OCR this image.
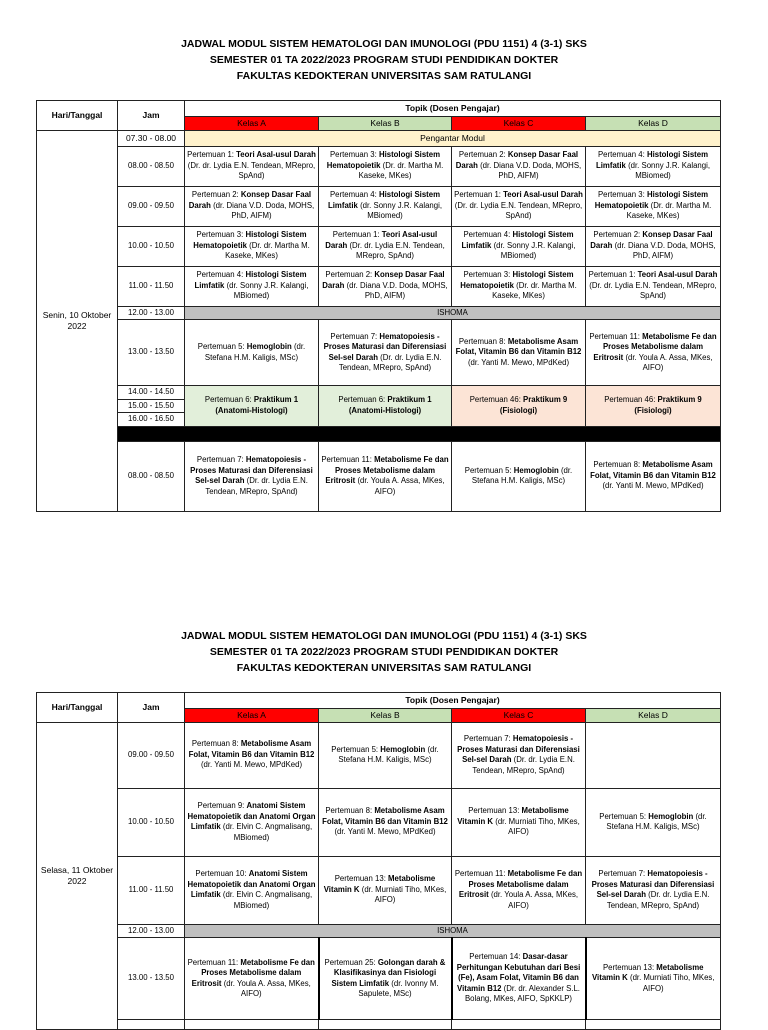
JADWAL MODUL SISTEM HEMATOLOGI DAN IMUNOLOGI (PDU 1151) 4 (3-1) SKS
SEMESTER 01 TA 2022/2023 PROGRAM STUDI PENDIDIKAN DOKTER
FAKULTAS KEDOKTERAN UNIVERSITAS SAM RATULANGI
Hari/Tanggal	Jam	Topik (Dosen Pengajar)			
		Kelas A	Kelas B	Kelas C	Kelas D
Senin, 10 Oktober 2022	07.30 - 08.00	Pengantar Modul			
	08.00 - 08.50	Pertemuan 1: Teori Asal-usul Darah (Dr. dr. Lydia E.N. Tendean, MRepro, SpAnd)	Pertemuan 3: Histologi Sistem Hematopoietik (Dr. dr. Martha M. Kaseke, MKes)	Pertemuan 2: Konsep Dasar Faal Darah (dr. Diana V.D. Doda, MOHS, PhD, AIFM)	Pertemuan 4: Histologi Sistem Limfatik (dr. Sonny J.R. Kalangi, MBiomed)
	09.00 - 09.50	Pertemuan 2: Konsep Dasar Faal Darah (dr. Diana V.D. Doda, MOHS, PhD, AIFM)	Pertemuan 4: Histologi Sistem Limfatik (dr. Sonny J.R. Kalangi, MBiomed)	Pertemuan 1: Teori Asal-usul Darah (Dr. dr. Lydia E.N. Tendean, MRepro, SpAnd)	Pertemuan 3: Histologi Sistem Hematopoietik (Dr. dr. Martha M. Kaseke, MKes)
	10.00 - 10.50	Pertemuan 3: Histologi Sistem Hematopoietik (Dr. dr. Martha M. Kaseke, MKes)	Pertemuan 1: Teori Asal-usul Darah (Dr. dr. Lydia E.N. Tendean, MRepro, SpAnd)	Pertemuan 4: Histologi Sistem Limfatik (dr. Sonny J.R. Kalangi, MBiomed)	Pertemuan 2: Konsep Dasar Faal Darah (dr. Diana V.D. Doda, MOHS, PhD, AIFM)
	11.00 - 11.50	Pertemuan 4: Histologi Sistem Limfatik (dr. Sonny J.R. Kalangi, MBiomed)	Pertemuan 2: Konsep Dasar Faal Darah (dr. Diana V.D. Doda, MOHS, PhD, AIFM)	Pertemuan 3: Histologi Sistem Hematopoietik (Dr. dr. Martha M. Kaseke, MKes)	Pertemuan 1: Teori Asal-usul Darah (Dr. dr. Lydia E.N. Tendean, MRepro, SpAnd)
	12.00 - 13.00	ISHOMA			
	13.00 - 13.50	Pertemuan 5: Hemoglobin (dr. Stefana H.M. Kaligis, MSc)	Pertemuan 7: Hematopoiesis - Proses Maturasi dan Diferensiasi Sel-sel Darah (Dr. dr. Lydia E.N. Tendean, MRepro, SpAnd)	Pertemuan 8: Metabolisme Asam Folat, Vitamin B6 dan Vitamin B12 (dr. Yanti M. Mewo, MPdKed)	Pertemuan 11: Metabolisme Fe dan Proses Metabolisme dalam Eritrosit (dr. Youla A. Assa, MKes, AIFO)
	14.00 - 14.50	Pertemuan 6: Praktikum 1 (Anatomi-Histologi)	Pertemuan 6: Praktikum 1 (Anatomi-Histologi)	Pertemuan 46: Praktikum 9 (Fisiologi)	Pertemuan 46: Praktikum 9 (Fisiologi)
	15.00 - 15.50				
	16.00 - 16.50				

	08.00 - 08.50	Pertemuan 7: Hematopoiesis - Proses Maturasi dan Diferensiasi Sel-sel Darah (Dr. dr. Lydia E.N. Tendean, MRepro, SpAnd)	Pertemuan 11: Metabolisme Fe dan Proses Metabolisme dalam Eritrosit (dr. Youla A. Assa, MKes, AIFO)	Pertemuan 5: Hemoglobin (dr. Stefana H.M. Kaligis, MSc)	Pertemuan 8: Metabolisme Asam Folat, Vitamin B6 dan Vitamin B12 (dr. Yanti M. Mewo, MPdKed)
JADWAL MODUL SISTEM HEMATOLOGI DAN IMUNOLOGI (PDU 1151) 4 (3-1) SKS
SEMESTER 01 TA 2022/2023 PROGRAM STUDI PENDIDIKAN DOKTER
FAKULTAS KEDOKTERAN UNIVERSITAS SAM RATULANGI
Hari/Tanggal	Jam	Topik (Dosen Pengajar)			
		Kelas A	Kelas B	Kelas C	Kelas D
Selasa, 11 Oktober 2022	09.00 - 09.50	Pertemuan 8: Metabolisme Asam Folat, Vitamin B6 dan Vitamin B12 (dr. Yanti M. Mewo, MPdKed)	Pertemuan 5: Hemoglobin (dr. Stefana H.M. Kaligis, MSc)	Pertemuan 7: Hematopoiesis - Proses Maturasi dan Diferensiasi Sel-sel Darah (Dr. dr. Lydia E.N. Tendean, MRepro, SpAnd)	
	10.00 - 10.50	Pertemuan 9: Anatomi Sistem Hematopoietik dan Anatomi Organ Limfatik (dr. Elvin C. Angmalisang, MBiomed)	Pertemuan 8: Metabolisme Asam Folat, Vitamin B6 dan Vitamin B12 (dr. Yanti M. Mewo, MPdKed)	Pertemuan 13: Metabolisme Vitamin K (dr. Murniati Tiho, MKes, AIFO)	Pertemuan 5: Hemoglobin (dr. Stefana H.M. Kaligis, MSc)
	11.00 - 11.50	Pertemuan 10: Anatomi Sistem Hematopoietik dan Anatomi Organ Limfatik (dr. Elvin C. Angmalisang, MBiomed)	Pertemuan 13: Metabolisme Vitamin K (dr. Murniati Tiho, MKes, AIFO)	Pertemuan 11: Metabolisme Fe dan Proses Metabolisme dalam Eritrosit (dr. Youla A. Assa, MKes, AIFO)	Pertemuan 7: Hematopoiesis - Proses Maturasi dan Diferensiasi Sel-sel Darah (Dr. dr. Lydia E.N. Tendean, MRepro, SpAnd)
	12.00 - 13.00	ISHOMA			
	13.00 - 13.50	Pertemuan 11: Metabolisme Fe dan Proses Metabolisme dalam Eritrosit (dr. Youla A. Assa, MKes, AIFO)	Pertemuan 25: Golongan darah & Klasifikasinya dan Fisiologi Sistem Limfatik (dr. Ivonny M. Sapulete, MSc)	Pertemuan 14: Dasar-dasar Perhitungan Kebutuhan dari Besi (Fe), Asam Folat, Vitamin B6 dan Vitamin B12 (Dr. dr. Alexander S.L. Bolang, MKes, AIFO, SpKKLP)	Pertemuan 13: Metabolisme Vitamin K (dr. Murniati Tiho, MKes, AIFO)
